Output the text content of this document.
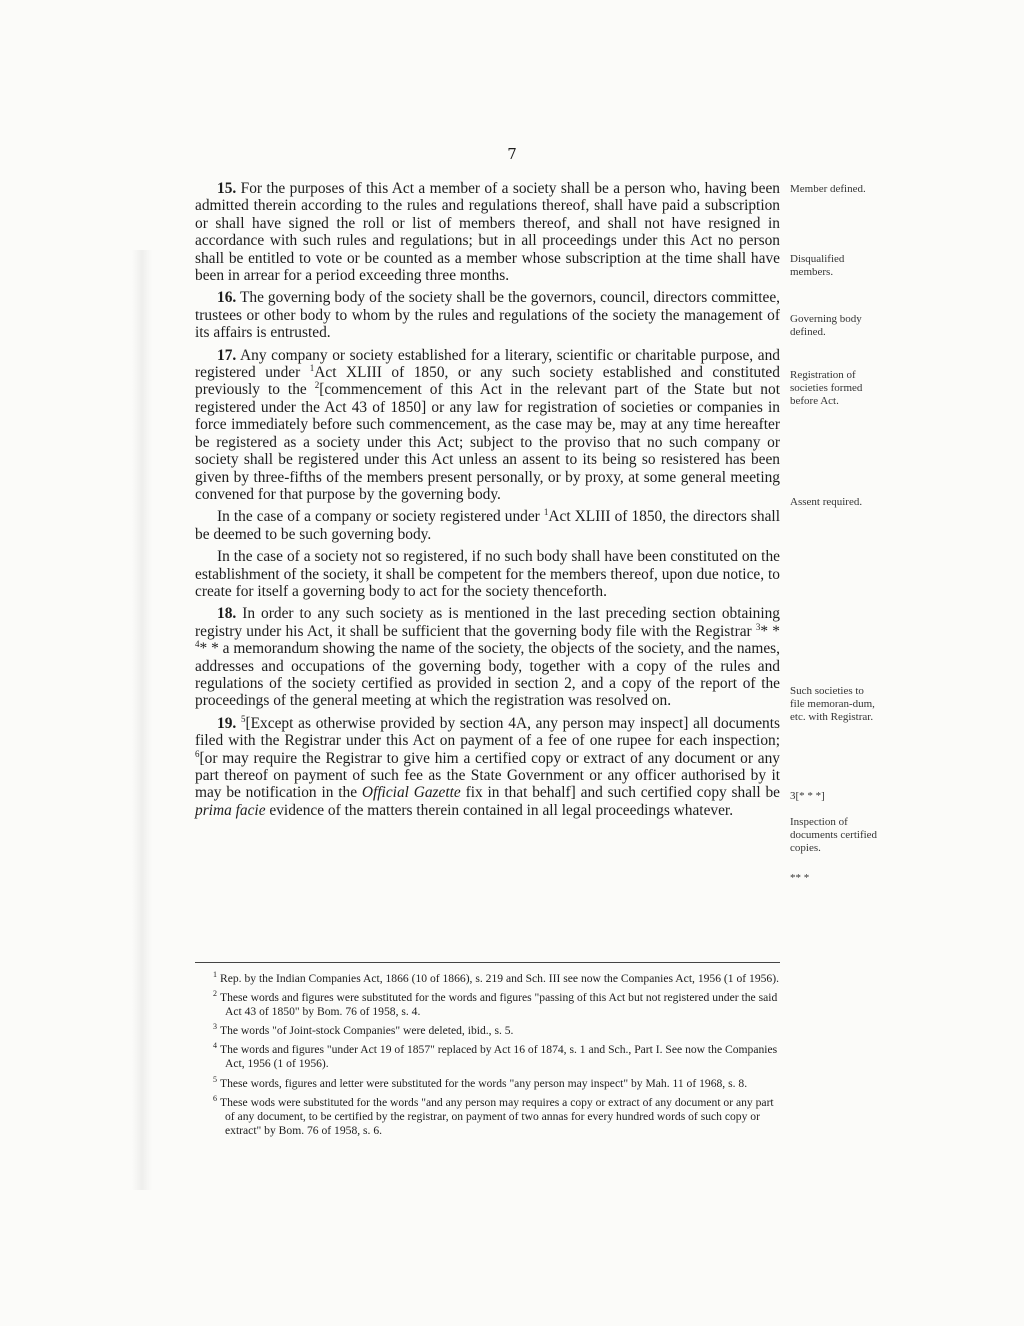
7

15. For the purposes of this Act a member of a society shall be a person who, having been admitted therein according to the rules and regulations thereof, shall have paid a subscription or shall have signed the roll or list of members thereof, and shall not have resigned in accordance with such rules and regulations; but in all proceedings under this Act no person shall be entitled to vote or be counted as a member whose subscription at the time shall have been in arrear for a period exceeding three months.

16. The governing body of the society shall be the governors, council, directors committee, trustees or other body to whom by the rules and regulations of the society the management of its affairs is entrusted.

17. Any company or society established for a literary, scientific or charitable purpose, and registered under $^1$Act XLIII of 1850, or any such society established and constituted previously to the $^2$[commencement of this Act in the relevant part of the State but not registered under the Act 43 of 1850] or any law for registration of societies or companies in force immediately before such commencement, as the case may be, may at any time hereafter be registered as a society under this Act; subject to the proviso that no such company or society shall be registered under this Act unless an assent to its being so resistered has been given by three-fifths of the members present personally, or by proxy, at some general meeting convened for that purpose by the governing body.

In the case of a company or society registered under $^1$Act XLIII of 1850, the directors shall be deemed to be such governing body.

In the case of a society not so registered, if no such body shall have been constituted on the establishment of the society, it shall be competent for the members thereof, upon due notice, to create for itself a governing body to act for the society thenceforth.

18. In order to any such society as is mentioned in the last preceding section obtaining registry under his Act, it shall be sufficient that the governing body file with the Registrar $^3$* * $^4$* * a memorandum showing the name of the society, the objects of the society, and the names, addresses and occupations of the governing body, together with a copy of the rules and regulations of the society certified as provided in section 2, and a copy of the report of the proceedings of the general meeting at which the registration was resolved on.

19. $^5$[Except as otherwise provided by section 4A, any person may inspect] all documents filed with the Registrar under this Act on payment of a fee of one rupee for each inspection; $^6$[or may require the Registrar to give him a certified copy or extract of any document or any part thereof on payment of such fee as the State Government or any officer authorised by it may be notification in the Official Gazette fix in that behalf] and such certified copy shall be prima facie evidence of the matters therein contained in all legal proceedings whatever.

Member defined.
Disqualified members.
Governing body defined.
Registration of societies formed before Act.
Assent required.
Such societies to file memoran-dum, etc. with Registrar.
3[* * *]
Inspection of documents certified copies.
** *

$^1$ Rep. by the Indian Companies Act, 1866 (10 of 1866), s. 219 and Sch. III see now the Companies Act, 1956 (1 of 1956).

$^2$ These words and figures were substituted for the words and figures "passing of this Act but not registered under the said Act 43 of 1850" by Bom. 76 of 1958, s. 4.

$^3$ The words "of Joint-stock Companies" were deleted, ibid., s. 5.

$^4$ The words and figures "under Act 19 of 1857" replaced by Act 16 of 1874, s. 1 and Sch., Part I. See now the Companies Act, 1956 (1 of 1956).

$^5$ These words, figures and letter were substituted for the words "any person may inspect" by Mah. 11 of 1968, s. 8.

$^6$ These wods were substituted for the words "and any person may requires a copy or extract of any document or any part of any document, to be certified by the registrar, on payment of two annas for every hundred words of such copy or extract" by Bom. 76 of 1958, s. 6.
